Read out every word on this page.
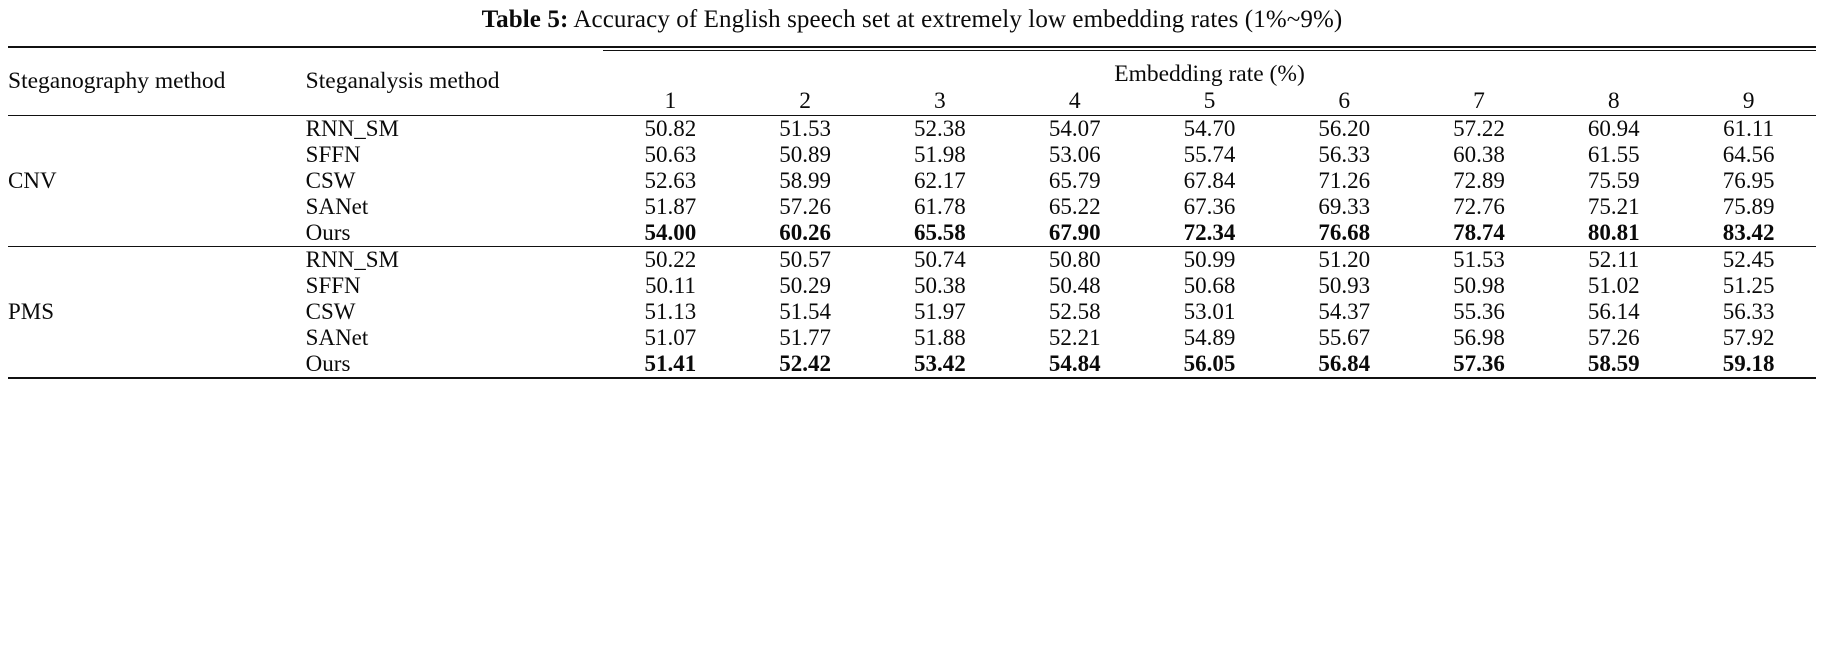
Table 5: Accuracy of English speech set at extremely low embedding rates (1%~9%)
Steganography method	Steganalysis method	Embedding rate (%)								

		1	2	3	4	5	6	7	8	9
CNV	RNN_SM	50.82	51.53	52.38	54.07	54.70	56.20	57.22	60.94	61.11
	SFFN	50.63	50.89	51.98	53.06	55.74	56.33	60.38	61.55	64.56
	CSW	52.63	58.99	62.17	65.79	67.84	71.26	72.89	75.59	76.95
	SANet	51.87	57.26	61.78	65.22	67.36	69.33	72.76	75.21	75.89
	Ours	54.00	60.26	65.58	67.90	72.34	76.68	78.74	80.81	83.42
PMS	RNN_SM	50.22	50.57	50.74	50.80	50.99	51.20	51.53	52.11	52.45
	SFFN	50.11	50.29	50.38	50.48	50.68	50.93	50.98	51.02	51.25
	CSW	51.13	51.54	51.97	52.58	53.01	54.37	55.36	56.14	56.33
	SANet	51.07	51.77	51.88	52.21	54.89	55.67	56.98	57.26	57.92
	Ours	51.41	52.42	53.42	54.84	56.05	56.84	57.36	58.59	59.18
